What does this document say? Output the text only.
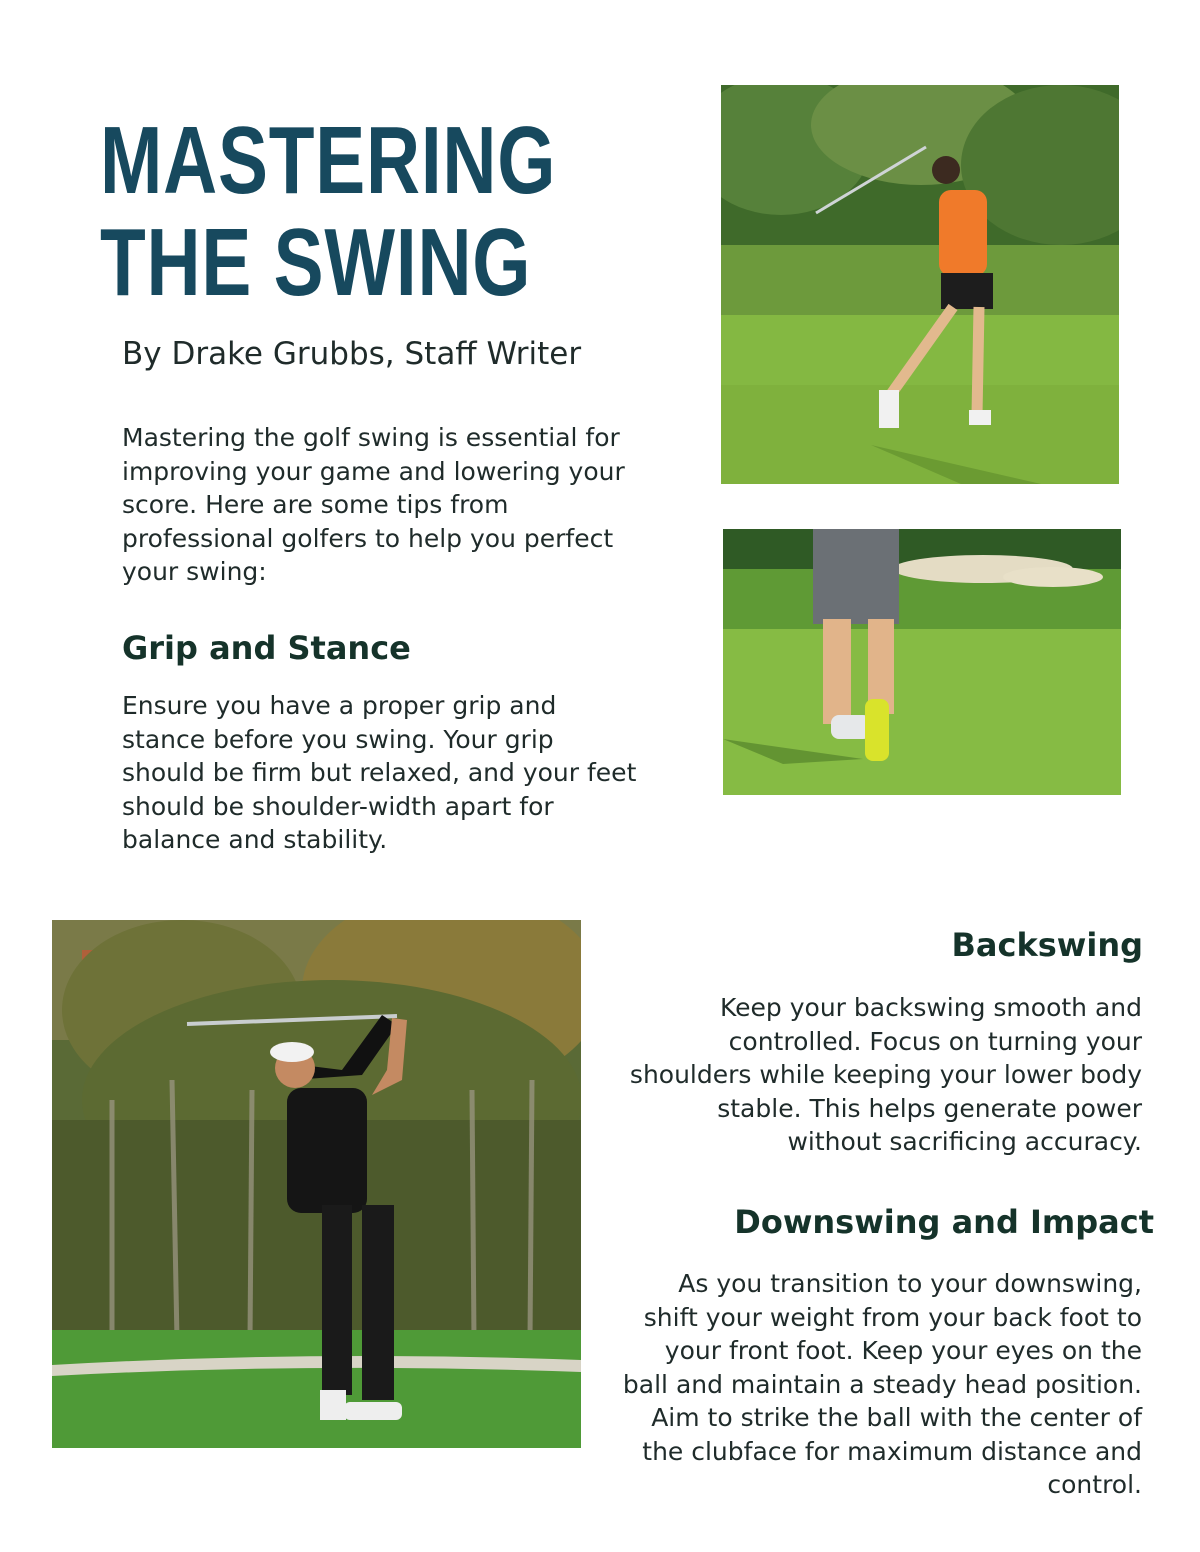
MASTERING
THE SWING
By Drake Grubbs, Staff Writer
Mastering the golf swing is essential for improving your game and lowering your score. Here are some tips from professional golfers to help you perfect your swing:
Grip and Stance
Ensure you have a proper grip and stance before you swing. Your grip should be firm but relaxed, and your feet should be shoulder-width apart for balance and stability.
Backswing
Keep your backswing smooth and controlled. Focus on turning your shoulders while keeping your lower body stable. This helps generate power without sacrificing accuracy.
Downswing and Impact
As you transition to your downswing, shift your weight from your back foot to your front foot. Keep your eyes on the ball and maintain a steady head position. Aim to strike the ball with the center of the clubface for maximum distance and control.
